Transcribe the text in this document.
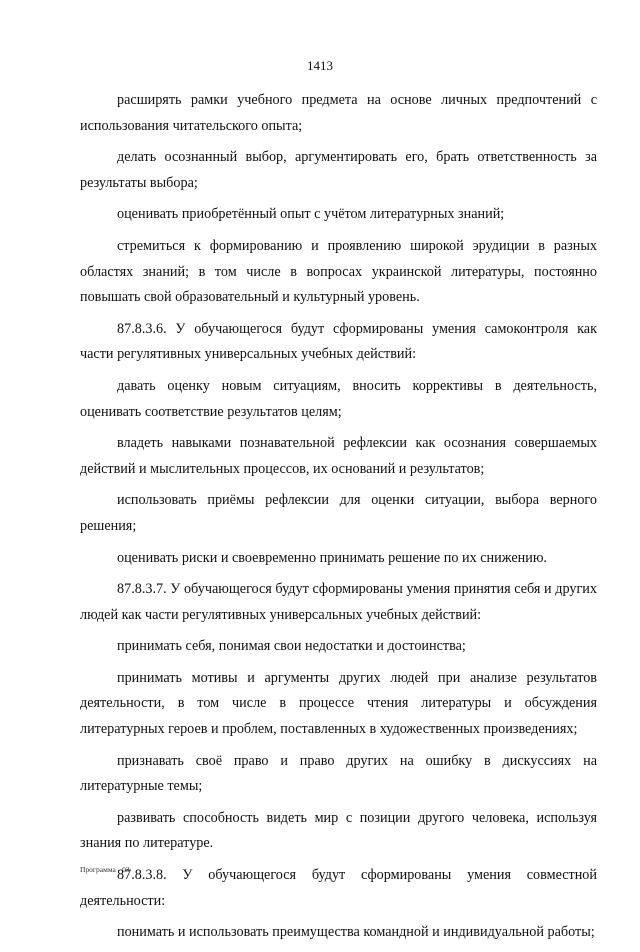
1413

расширять рамки учебного предмета на основе личных предпочтений с использования читательского опыта;

делать осознанный выбор, аргументировать его, брать ответственность за результаты выбора;

оценивать приобретённый опыт с учётом литературных знаний;

стремиться к формированию и проявлению широкой эрудиции в разных областях знаний; в том числе в вопросах украинской литературы, постоянно повышать свой образовательный и культурный уровень.

87.8.3.6. У обучающегося будут сформированы умения самоконтроля как части регулятивных универсальных учебных действий:

давать оценку новым ситуациям, вносить коррективы в деятельность, оценивать соответствие результатов целям;

владеть навыками познавательной рефлексии как осознания совершаемых действий и мыслительных процессов, их оснований и результатов;

использовать приёмы рефлексии для оценки ситуации, выбора верного решения;

оценивать риски и своевременно принимать решение по их снижению.

87.8.3.7. У обучающегося будут сформированы умения принятия себя и других людей как части регулятивных универсальных учебных действий:

принимать себя, понимая свои недостатки и достоинства;

принимать мотивы и аргументы других людей при анализе результатов деятельности, в том числе в процессе чтения литературы и обсуждения литературных героев и проблем, поставленных в художественных произведениях;

признавать своё право и право других на ошибку в дискуссиях на литературные темы;

развивать способность видеть мир с позиции другого человека, используя знания по литературе.

87.8.3.8. У обучающегося будут сформированы умения совместной деятельности:

понимать и использовать преимущества командной и индивидуальной работы;

Программа - 03
